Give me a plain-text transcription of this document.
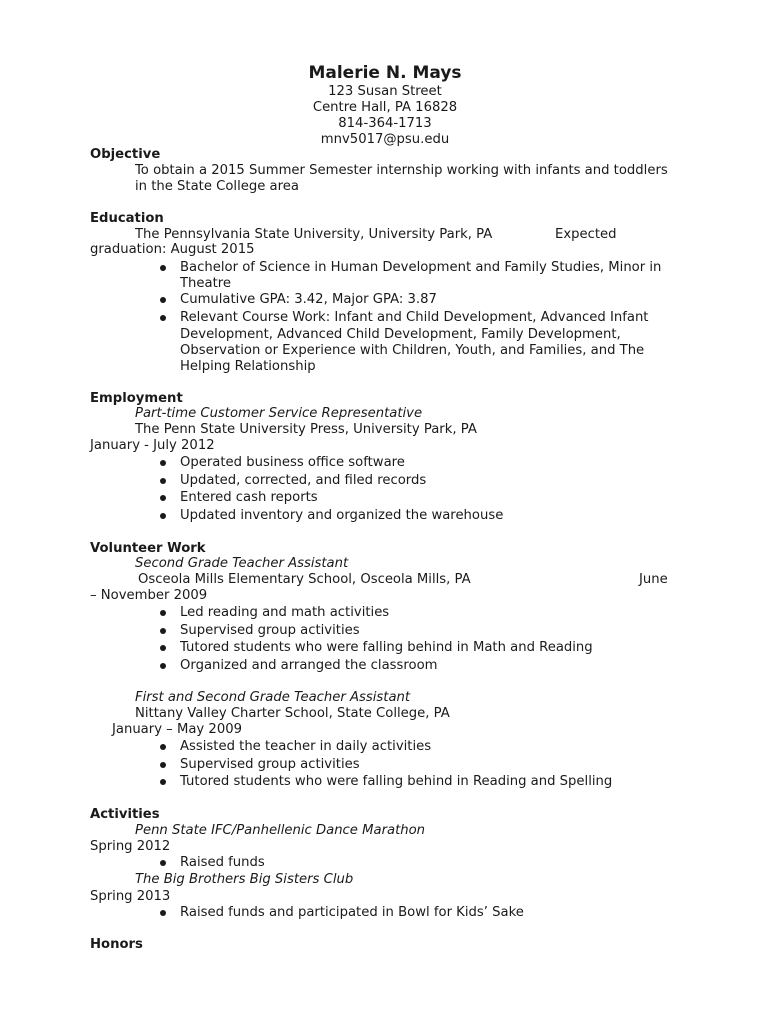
Malerie N. Mays
123 Susan Street
Centre Hall, PA 16828
814-364-1713
mnv5017@psu.edu
Objective
To obtain a 2015 Summer Semester internship working with infants and toddlers
in the State College area
Education
The Pennsylvania State University, University Park, PA	Expected
graduation: August 2015
Bachelor of Science in Human Development and Family Studies, Minor in
Theatre
Cumulative GPA: 3.42, Major GPA: 3.87
Relevant Course Work: Infant and Child Development, Advanced Infant
Development, Advanced Child Development, Family Development,
Observation or Experience with Children, Youth, and Families, and The
Helping Relationship
Employment
Part-time Customer Service Representative
The Penn State University Press, University Park, PA
January - July 2012
Operated business office software
Updated, corrected, and filed records
Entered cash reports
Updated inventory and organized the warehouse
Volunteer Work
Second Grade Teacher Assistant
Osceola Mills Elementary School, Osceola Mills, PA	June
– November 2009
Led reading and math activities
Supervised group activities
Tutored students who were falling behind in Math and Reading
Organized and arranged the classroom
First and Second Grade Teacher Assistant
Nittany Valley Charter School, State College, PA
January – May 2009
Assisted the teacher in daily activities
Supervised group activities
Tutored students who were falling behind in Reading and Spelling
Activities
Penn State IFC/Panhellenic Dance Marathon
Spring 2012
Raised funds
The Big Brothers Big Sisters Club
Spring 2013
Raised funds and participated in Bowl for Kids’ Sake
Honors
